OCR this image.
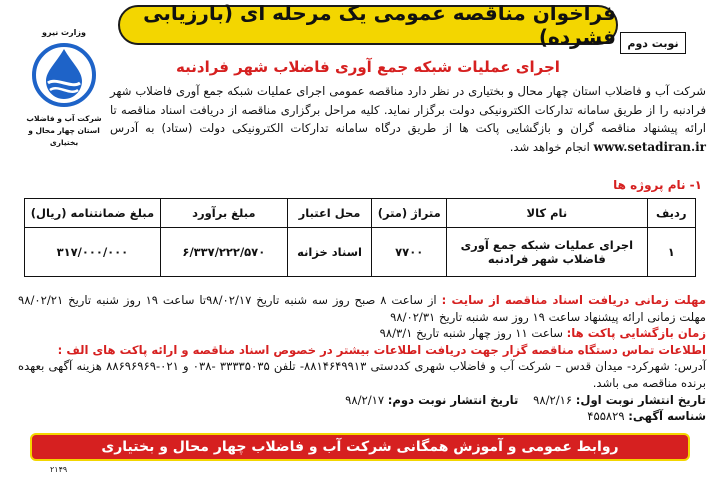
فراخوان مناقصه عمومی یک مرحله ای (بارزیابی فشرده)	نوبت دوم
وزارت نیرو
شرکت آب و فاضلاب
استان چهار محال و بختیاری
اجرای عملیات شبکه جمع آوری فاضلاب شهر فرادنبه
شرکت آب و فاضلاب استان چهار محال و بختیاری در نظر دارد مناقصه عمومی اجرای عملیات شبکه جمع آوری فاضلاب شهر فرادنبه را از طریق سامانه تدارکات الکترونیکی دولت برگزار نماید. کلیه مراحل برگزاری مناقصه از دریافت اسناد مناقصه تا ارائه پیشنهاد مناقصه گران و بازگشایی پاکت ها از طریق درگاه سامانه تدارکات الکترونیکی دولت (ستاد) به آدرس www.setadiran.ir انجام خواهد شد.
۱- نام پروژه ها
ردیف	نام کالا	متراژ (متر)	محل اعتبار	مبلغ برآورد	مبلغ ضمانتنامه (ریال)
۱	اجرای عملیات شبکه جمع آوری فاضلاب شهر فرادنبه	۷۷۰۰	اسناد خزانه	۶/۳۳۷/۲۲۲/۵۷۰	۳۱۷/۰۰۰/۰۰۰

مهلت زمانی دریافت اسناد مناقصه از سایت : از ساعت ۸ صبح روز سه شنبه تاریخ ۹۸/۰۲/۱۷تا ساعت ۱۹ روز شنبه تاریخ ۹۸/۰۲/۲۱ مهلت زمانی ارائه پیشنهاد ساعت ۱۹ روز سه شنبه تاریخ ۹۸/۰۲/۳۱

زمان بازگشایی پاکت ها: ساعت ۱۱ روز چهار شنبه تاریخ ۹۸/۳/۱

اطلاعات تماس دستگاه مناقصه گزار جهت دریافت اطلاعات بیشتر در خصوص اسناد مناقصه و ارائه پاکت های الف :

آدرس: شهرکرد- میدان قدس – شرکت آب و فاضلاب شهری کددستی ۸۸۱۴۶۴۹۹۱۳- تلفن ۳۳۳۳۵۰۳۵ -۰۳۸ و ۰۲۱-۸۸۶۹۶۹۶۹ هزینه آگهی بعهده برنده مناقصه می باشد.

تاریخ انتشار نوبت اول: ۹۸/۲/۱۶    تاریخ انتشار نوبت دوم: ۹۸/۲/۱۷

شناسه آگهی: ۴۵۵۸۲۹

روابط عمومی و آموزش همگانی شرکت آب و فاضلاب چهار محال و بختیاری
۲۱۴۹
